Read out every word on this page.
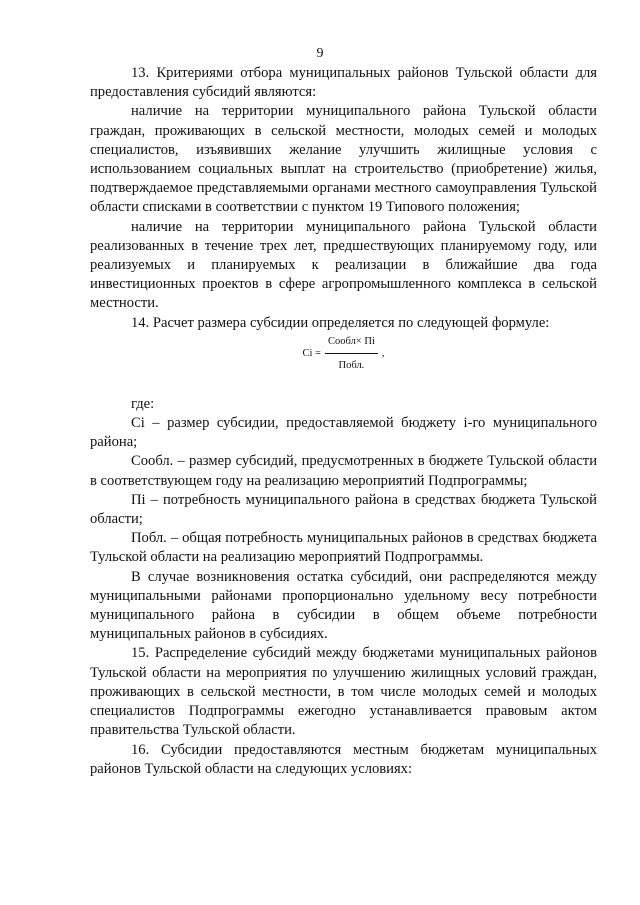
9

13. Критериями отбора муниципальных районов Тульской области для предоставления субсидий являются:

наличие на территории муниципального района Тульской области граждан, проживающих в сельской местности, молодых семей и молодых специалистов, изъявивших желание улучшить жилищные условия с использованием социальных выплат на строительство (приобретение) жилья, подтверждаемое представляемыми органами местного самоуправления Тульской области списками в соответствии с пунктом 19 Типового положения;

наличие на территории муниципального района Тульской области реализованных в течение трех лет, предшествующих планируемому году, или реализуемых и планируемых к реализации в ближайшие два года инвестиционных проектов в сфере агропромышленного комплекса в сельской местности.

14. Расчет размера субсидии определяется по следующей формуле:

$Ci = \frac{\text{Сообл× Пi}}{\text{Побл.}}$ ,

где:

Ci – размер субсидии, предоставляемой бюджету i-го муниципального района;

Сообл. – размер субсидий, предусмотренных в бюджете Тульской области в соответствующем году на реализацию мероприятий Подпрограммы;

Пi – потребность муниципального района в средствах бюджета Тульской области;

Побл. – общая потребность муниципальных районов в средствах бюджета Тульской области на реализацию мероприятий Подпрограммы.

В случае возникновения остатка субсидий, они распределяются между муниципальными районами пропорционально удельному весу потребности муниципального района в субсидии в общем объеме потребности муниципальных районов в субсидиях.

15. Распределение субсидий между бюджетами муниципальных районов Тульской области на мероприятия по улучшению жилищных условий граждан, проживающих в сельской местности, в том числе молодых семей и молодых специалистов Подпрограммы ежегодно устанавливается правовым актом правительства Тульской области.

16. Субсидии предоставляются местным бюджетам муниципальных районов Тульской области на следующих условиях:
